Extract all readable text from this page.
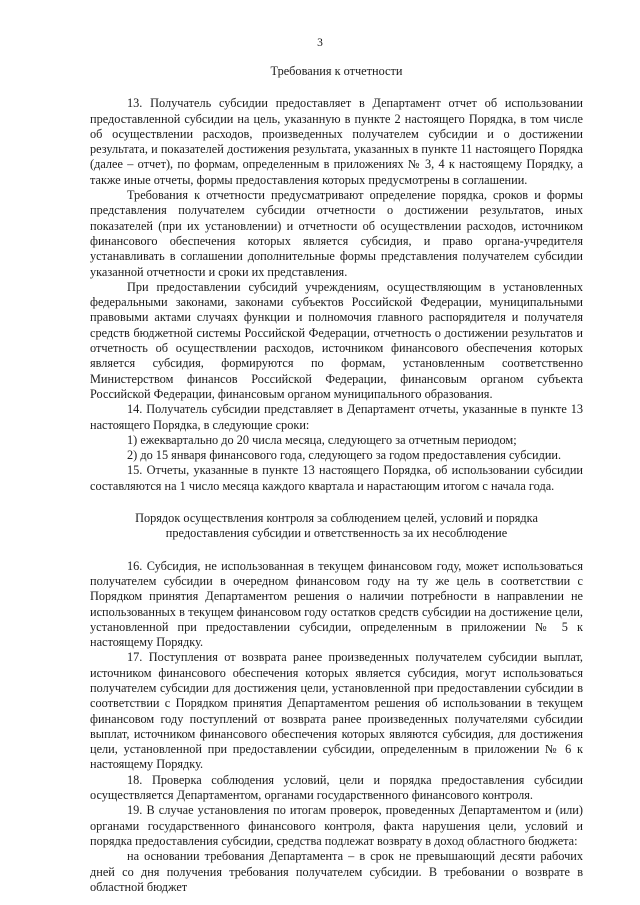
3
Требования к отчетности

13. Получатель субсидии предоставляет в Департамент отчет об использовании предоставленной субсидии на цель, указанную в пункте 2 настоящего Порядка, в том числе об осуществлении расходов, произведенных получателем субсидии и о достижении результата, и показателей достижения результата, указанных в пункте 11 настоящего Порядка (далее – отчет), по формам, определенным в приложениях № 3, 4 к настоящему Порядку, а также иные отчеты, формы предоставления которых предусмотрены в соглашении.

Требования к отчетности предусматривают определение порядка, сроков и формы представления получателем субсидии отчетности о достижении результатов, иных показателей (при их установлении) и отчетности об осуществлении расходов, источником финансового обеспечения которых является субсидия, и право органа-учредителя устанавливать в соглашении дополнительные формы представления получателем субсидии указанной отчетности и сроки их представления.

При предоставлении субсидий учреждениям, осуществляющим в установленных федеральными законами, законами субъектов Российской Федерации, муниципальными правовыми актами случаях функции и полномочия главного распорядителя и получателя средств бюджетной системы Российской Федерации, отчетность о достижении результатов и отчетность об осуществлении расходов, источником финансового обеспечения которых является субсидия, формируются по формам, установленным соответственно Министерством финансов Российской Федерации, финансовым органом субъекта Российской Федерации, финансовым органом муниципального образования.

14. Получатель субсидии представляет в Департамент отчеты, указанные в пункте 13 настоящего Порядка, в следующие сроки:

1) ежеквартально до 20 числа месяца, следующего за отчетным периодом;

2) до 15 января финансового года, следующего за годом предоставления субсидии.

15. Отчеты, указанные в пункте 13 настоящего Порядка, об использовании субсидии составляются на 1 число месяца каждого квартала и нарастающим итогом с начала года.

Порядок осуществления контроля за соблюдением целей, условий и порядка
предоставления субсидии и ответственность за их несоблюдение

16. Субсидия, не использованная в текущем финансовом году, может использоваться получателем субсидии в очередном финансовом году на ту же цель в соответствии с Порядком принятия Департаментом решения о наличии потребности в направлении не использованных в текущем финансовом году остатков средств субсидии на достижение цели, установленной при предоставлении субсидии, определенным в приложении № 5 к настоящему Порядку.

17. Поступления от возврата ранее произведенных получателем субсидии выплат, источником финансового обеспечения которых является субсидия, могут использоваться получателем субсидии для достижения цели, установленной при предоставлении субсидии в соответствии с Порядком принятия Департаментом решения об использовании в текущем финансовом году поступлений от возврата ранее произведенных получателями субсидии выплат, источником финансового обеспечения которых являются субсидия, для достижения цели, установленной при предоставлении субсидии, определенным в приложении № 6 к настоящему Порядку.

18. Проверка соблюдения условий, цели и порядка предоставления субсидии осуществляется Департаментом, органами государственного финансового контроля.

19. В случае установления по итогам проверок, проведенных Департаментом и (или) органами государственного финансового контроля, факта нарушения цели, условий и порядка предоставления субсидии, средства подлежат возврату в доход областного бюджета:

на основании требования Департамента – в срок не превышающий десяти рабочих дней со дня получения требования получателем субсидии. В требовании о возврате в областной бюджет
